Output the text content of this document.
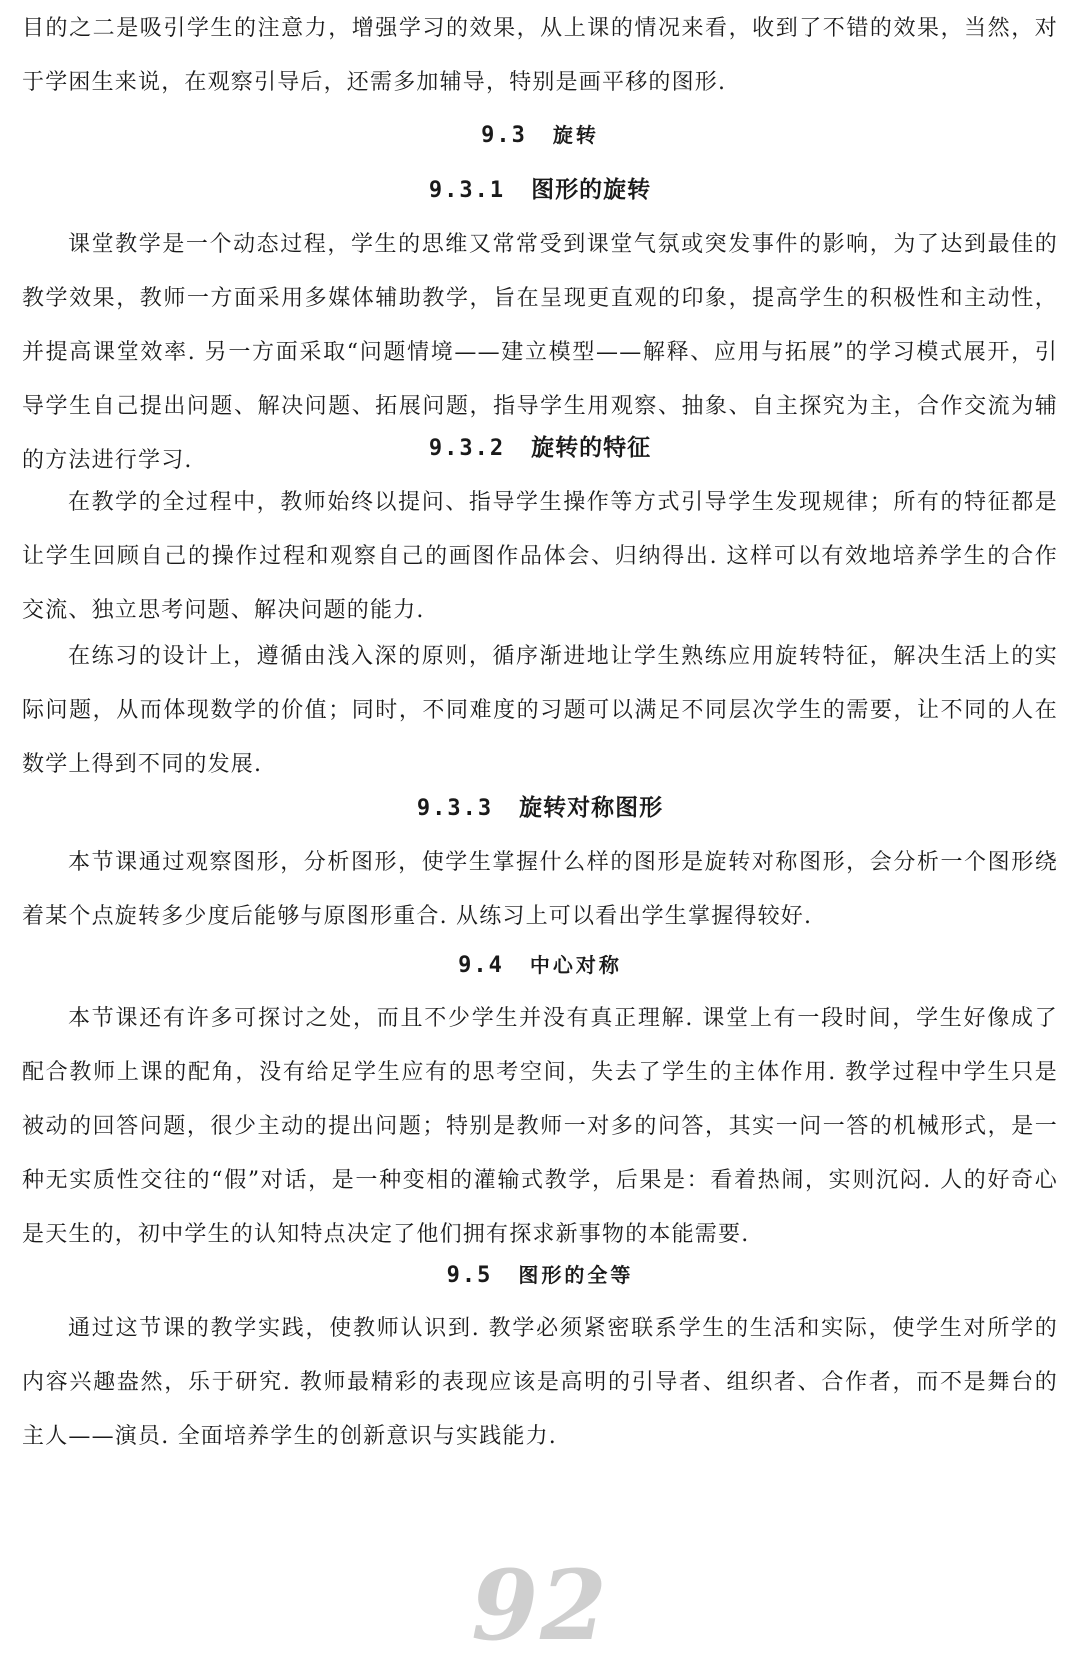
目的之二是吸引学生的注意力，增强学习的效果，从上课的情况来看，收到了不错的效果，当然，对于学困生来说，在观察引导后，还需多加辅导，特别是画平移的图形.

9.3 旋转
9.3.1 图形的旋转

课堂教学是一个动态过程，学生的思维又常常受到课堂气氛或突发事件的影响，为了达到最佳的教学效果，教师一方面采用多媒体辅助教学，旨在呈现更直观的印象，提高学生的积极性和主动性，并提高课堂效率. 另一方面采取“问题情境——建立模型——解释、应用与拓展”的学习模式展开，引导学生自己提出问题、解决问题、拓展问题，指导学生用观察、抽象、自主探究为主，合作交流为辅的方法进行学习.	9.3.2 旋转的特征

在教学的全过程中，教师始终以提问、指导学生操作等方式引导学生发现规律；所有的特征都是让学生回顾自己的操作过程和观察自己的画图作品体会、归纳得出. 这样可以有效地培养学生的合作交流、独立思考问题、解决问题的能力.

在练习的设计上，遵循由浅入深的原则，循序渐进地让学生熟练应用旋转特征，解决生活上的实际问题，从而体现数学的价值；同时，不同难度的习题可以满足不同层次学生的需要，让不同的人在数学上得到不同的发展.

9.3.3 旋转对称图形

本节课通过观察图形，分析图形，使学生掌握什么样的图形是旋转对称图形，会分析一个图形绕着某个点旋转多少度后能够与原图形重合. 从练习上可以看出学生掌握得较好.

9.4 中心对称

本节课还有许多可探讨之处，而且不少学生并没有真正理解. 课堂上有一段时间，学生好像成了配合教师上课的配角，没有给足学生应有的思考空间，失去了学生的主体作用. 教学过程中学生只是被动的回答问题，很少主动的提出问题；特别是教师一对多的问答，其实一问一答的机械形式，是一种无实质性交往的“假”对话，是一种变相的灌输式教学，后果是：看着热闹，实则沉闷. 人的好奇心是天生的，初中学生的认知特点决定了他们拥有探求新事物的本能需要.

9.5 图形的全等

通过这节课的教学实践，使教师认识到. 教学必须紧密联系学生的生活和实际，使学生对所学的内容兴趣盎然，乐于研究. 教师最精彩的表现应该是高明的引导者、组织者、合作者，而不是舞台的主人——演员. 全面培养学生的创新意识与实践能力.

92
